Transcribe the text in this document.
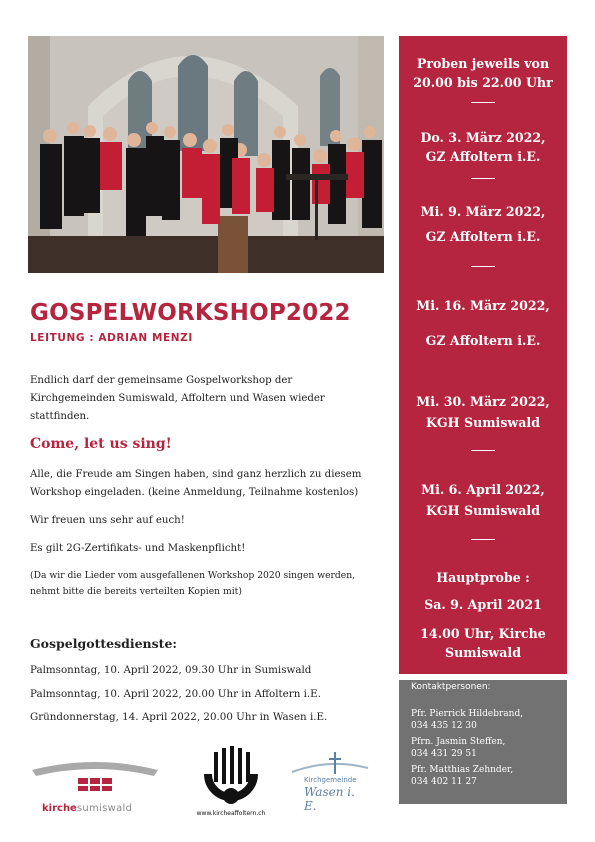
GOSPELWORKSHOP2022
LEITUNG : ADRIAN MENZI
Endlich darf der gemeinsame Gospelworkshop der
Kirchgemeinden Sumiswald, Affoltern und Wasen wieder
stattfinden.
Come, let us sing!
Alle, die Freude am Singen haben, sind ganz herzlich zu diesem
Workshop eingeladen. (keine Anmeldung, Teilnahme kostenlos)
Wir freuen uns sehr auf euch!
Es gilt 2G-Zertifikats- und Maskenpflicht!
(Da wir die Lieder vom ausgefallenen Workshop 2020 singen werden,
nehmt bitte die bereits verteilten Kopien mit)
Gospelgottesdienste:
Palmsonntag, 10. April 2022, 09.30 Uhr in Sumiswald
Palmsonntag, 10. April 2022, 20.00 Uhr in Affoltern i.E.
Gründonnerstag, 14. April 2022, 20.00 Uhr in Wasen i.E.
Proben jeweils von
20.00 bis 22.00 Uhr
Do. 3. März 2022,
GZ Affoltern i.E.
Mi. 9. März 2022,
GZ Affoltern i.E.
Mi. 16. März 2022,
GZ Affoltern i.E.
Mi. 30. März 2022,
KGH Sumiswald
Mi. 6. April 2022,
KGH Sumiswald
Hauptprobe :
Sa. 9. April 2021
14.00 Uhr, Kirche
Sumiswald
Kontaktpersonen:
Pfr. Pierrick Hildebrand,
034 435 12 30
Pfrn. Jasmin Steffen,
034 431 29 51
Pfr. Matthias Zehnder,
034 402 11 27
kirchesumiswald	www.kircheaffoltern.ch
Kirchgemeinde
Wasen i. E.
